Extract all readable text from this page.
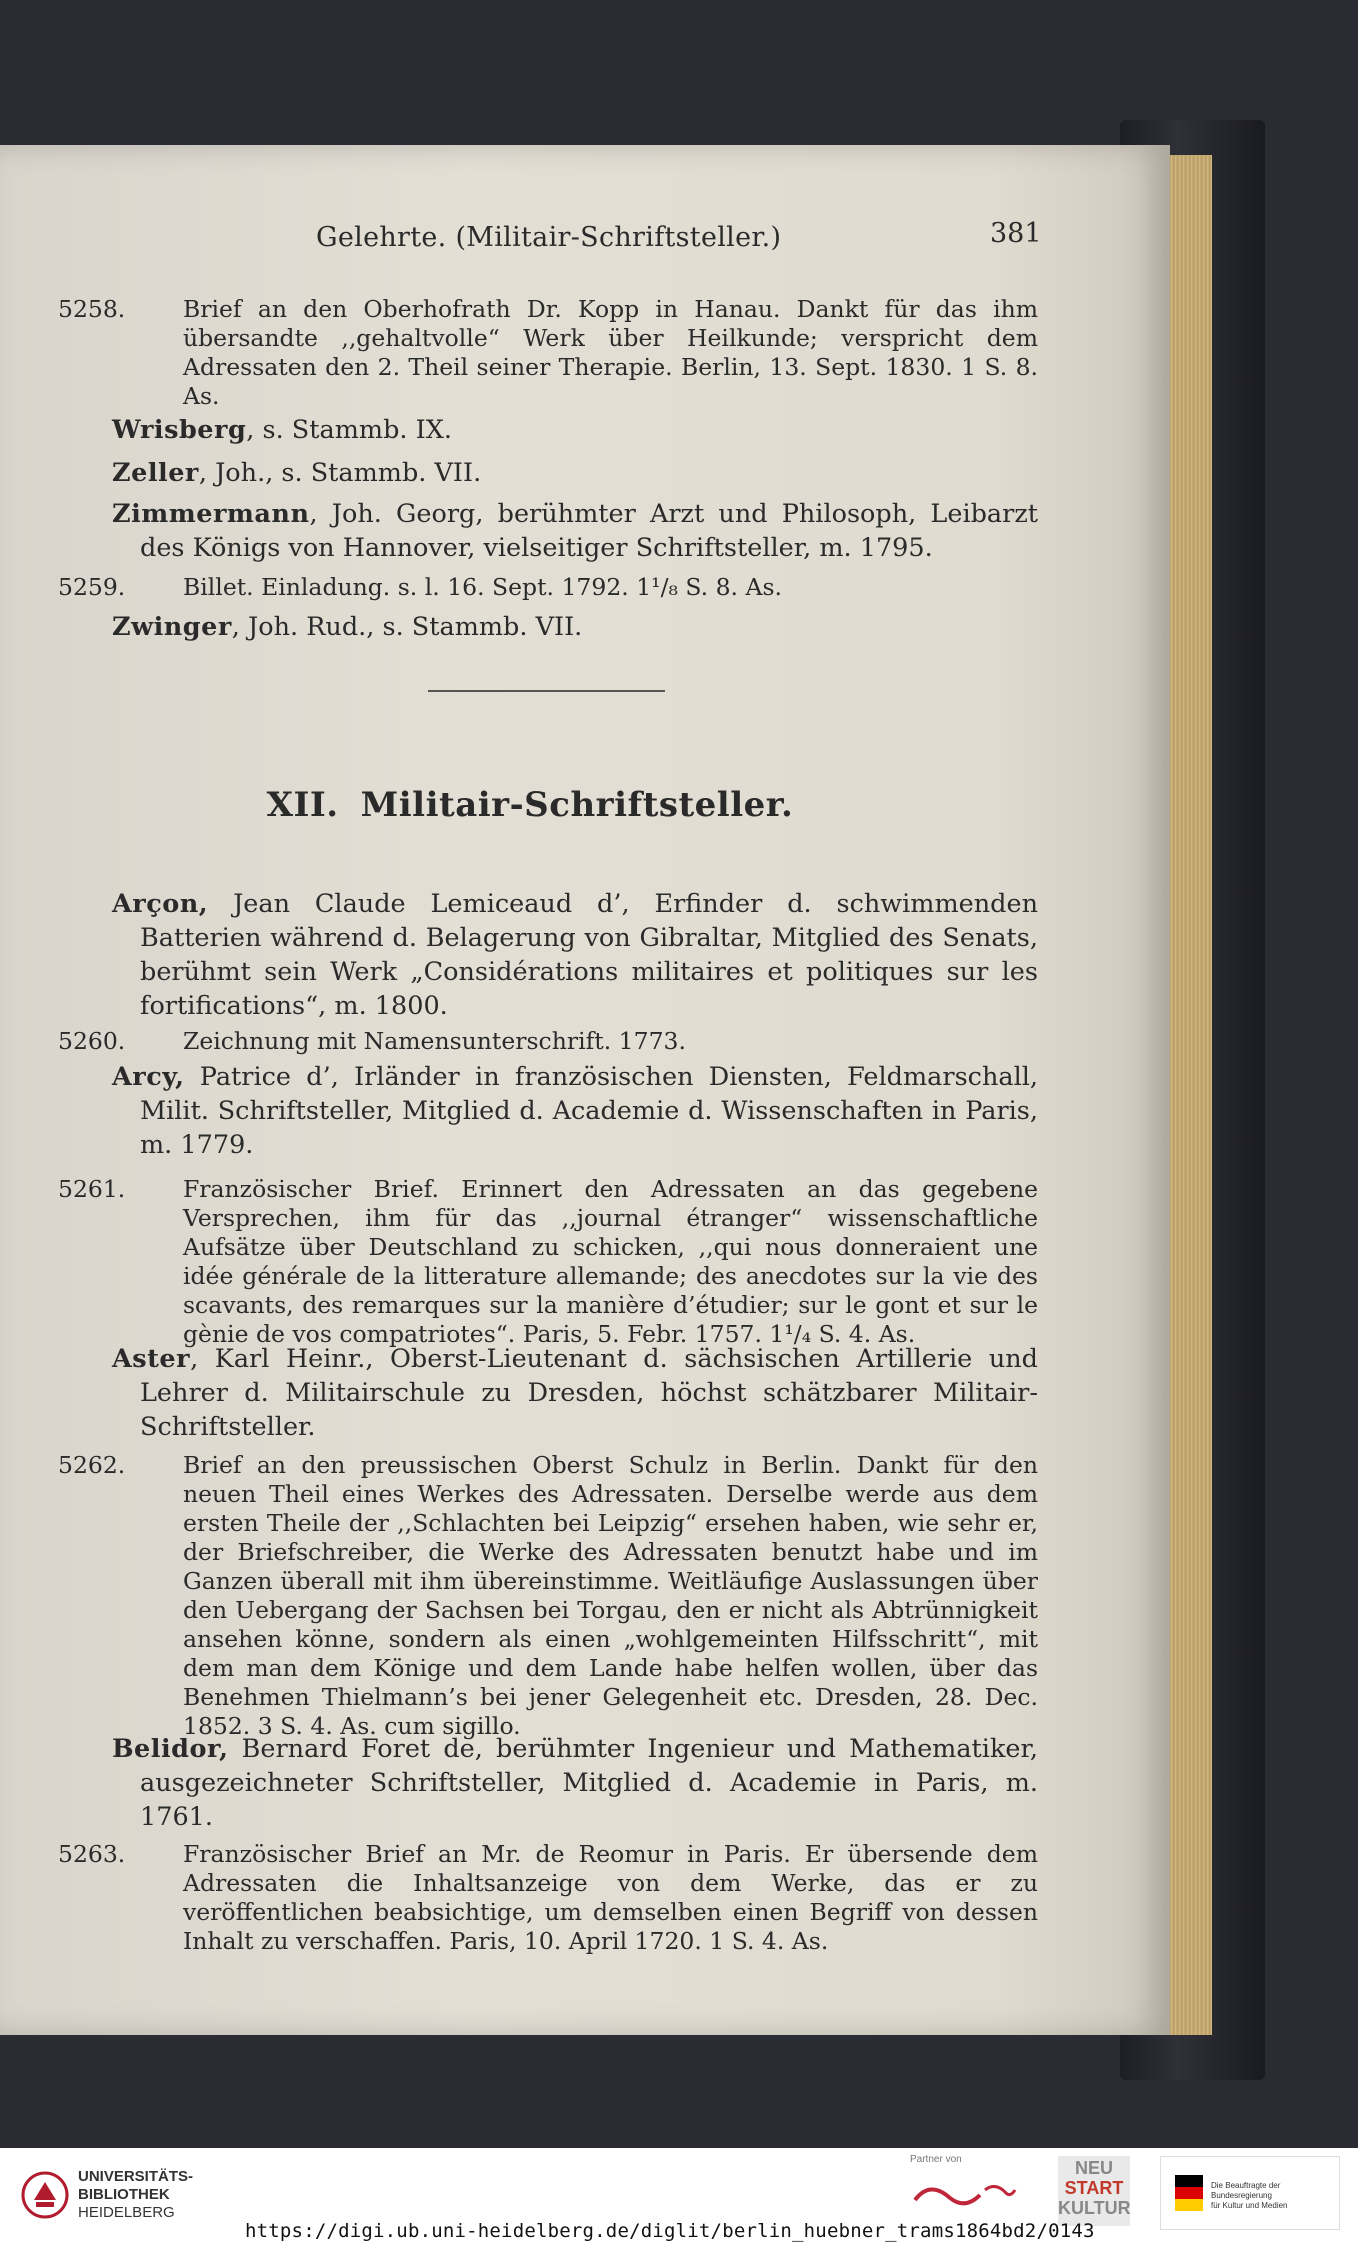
Gelehrte. (Militair-Schriftsteller.)	381
5258. Brief an den Oberhofrath Dr. Kopp in Hanau. Dankt für das ihm übersandte ,,gehaltvolle“ Werk über Heilkunde; verspricht dem Adressaten den 2. Theil seiner Therapie. Berlin, 13. Sept. 1830. 1 S. 8. As.
Wrisberg, s. Stammb. IX.
Zeller, Joh., s. Stammb. VII.
Zimmermann, Joh. Georg, berühmter Arzt und Philosoph, Leibarzt des Königs von Hannover, vielseitiger Schriftsteller, m. 1795.
5259. Billet. Einladung. s. l. 16. Sept. 1792. 1¹/₈ S. 8. As.
Zwinger, Joh. Rud., s. Stammb. VII.
XII. Militair-Schriftsteller.
Arçon, Jean Claude Lemiceaud d’, Erfinder d. schwimmenden Batterien während d. Belagerung von Gibraltar, Mitglied des Senats, berühmt sein Werk „Considérations militaires et politiques sur les fortifications“, m. 1800.
5260. Zeichnung mit Namensunterschrift. 1773.
Arcy, Patrice d’, Irländer in französischen Diensten, Feldmarschall, Milit. Schriftsteller, Mitglied d. Academie d. Wissenschaften in Paris, m. 1779.
5261. Französischer Brief. Erinnert den Adressaten an das gegebene Versprechen, ihm für das ,,journal étranger“ wissenschaftliche Aufsätze über Deutschland zu schicken, ,,qui nous donneraient une idée générale de la litterature allemande; des anecdotes sur la vie des scavants, des remarques sur la manière d’étudier; sur le gont et sur le gènie de vos compatriotes“. Paris, 5. Febr. 1757. 1¹/₄ S. 4. As.
Aster, Karl Heinr., Oberst-Lieutenant d. sächsischen Artillerie und Lehrer d. Militairschule zu Dresden, höchst schätzbarer Militair-Schriftsteller.
5262. Brief an den preussischen Oberst Schulz in Berlin. Dankt für den neuen Theil eines Werkes des Adressaten. Derselbe werde aus dem ersten Theile der ,,Schlachten bei Leipzig“ ersehen haben, wie sehr er, der Briefschreiber, die Werke des Adressaten benutzt habe und im Ganzen überall mit ihm übereinstimme. Weitläufige Auslassungen über den Uebergang der Sachsen bei Torgau, den er nicht als Abtrünnigkeit ansehen könne, sondern als einen „wohlgemeinten Hilfsschritt“, mit dem man dem Könige und dem Lande habe helfen wollen, über das Benehmen Thielmann’s bei jener Gelegenheit etc. Dresden, 28. Dec. 1852. 3 S. 4. As. cum sigillo.
Belidor, Bernard Foret de, berühmter Ingenieur und Mathematiker, ausgezeichneter Schriftsteller, Mitglied d. Academie in Paris, m. 1761.
5263. Französischer Brief an Mr. de Reomur in Paris. Er übersende dem Adressaten die Inhaltsanzeige von dem Werke, das er zu veröffentlichen beabsichtige, um demselben einen Begriff von dessen Inhalt zu verschaffen. Paris, 10. April 1720. 1 S. 4. As.
UNIVERSITÄTS-
BIBLIOTHEK
HEIDELBERG
Partner von	NEU
START
KULTUR
Die Beauftragte der Bundesregierung
für Kultur und Medien
https://digi.ub.uni-heidelberg.de/diglit/berlin_huebner_trams1864bd2/0143
